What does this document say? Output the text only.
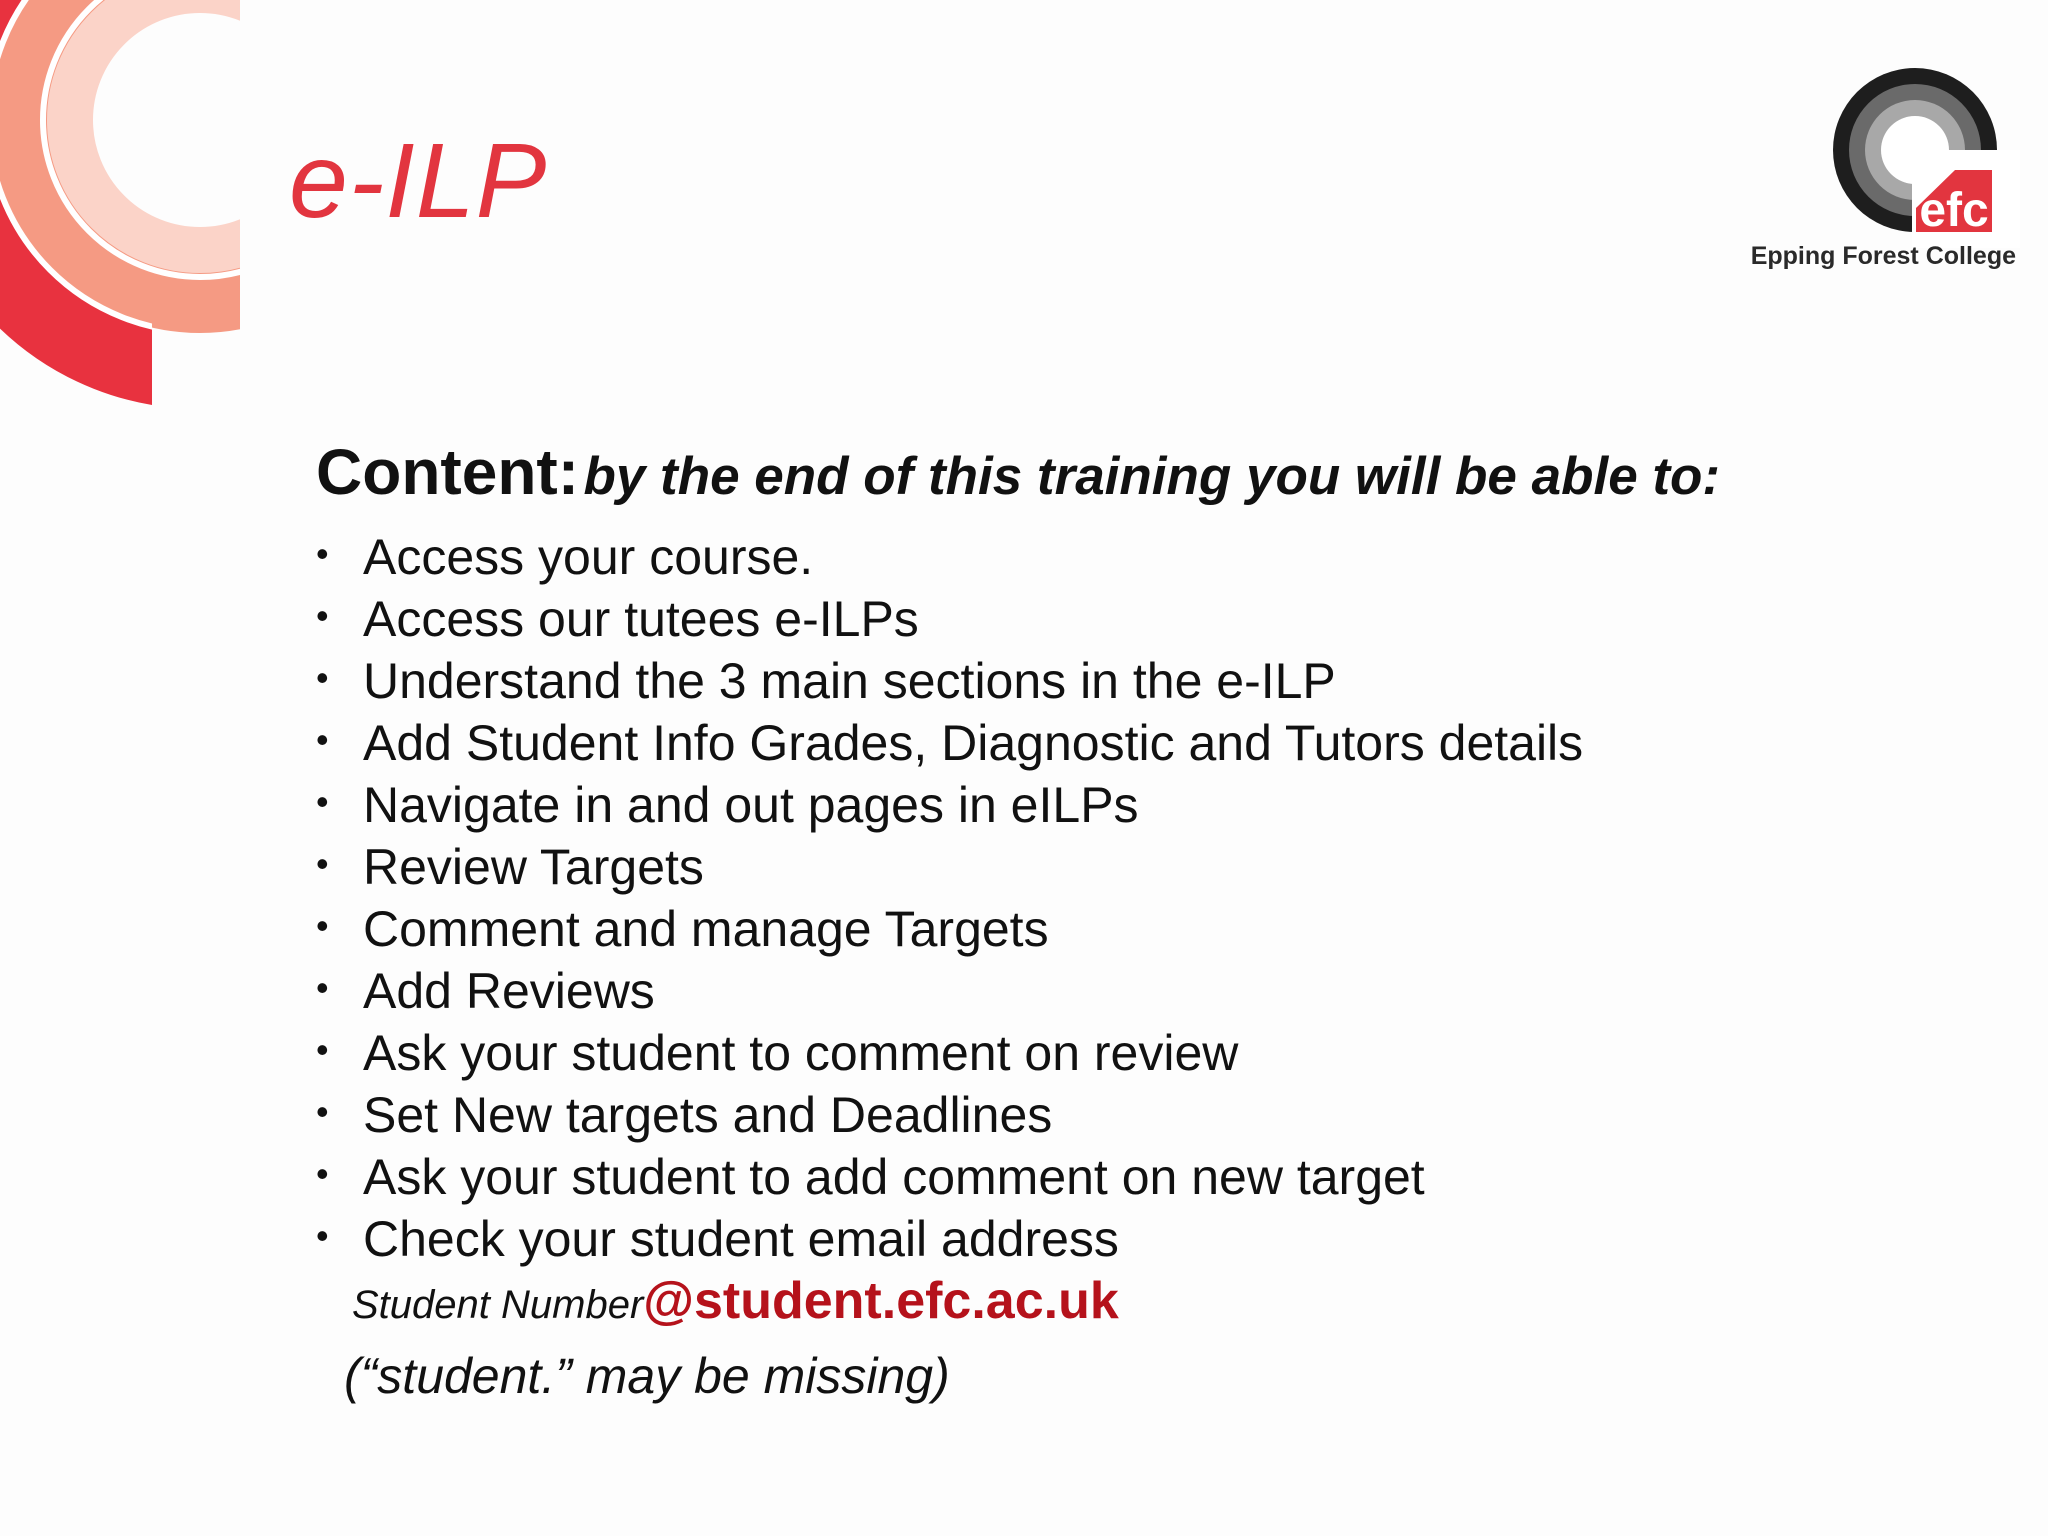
e-ILP	efc
Epping Forest College

Content: by the end of this training you will be able to:

• Access your course.
• Access our tutees e-ILPs
• Understand the 3 main sections in the e-ILP
• Add Student Info Grades, Diagnostic and Tutors details
• Navigate in and out pages in eILPs
• Review Targets
• Comment and manage Targets
• Add Reviews
• Ask your student to comment on review
• Set New targets and Deadlines
• Ask your student to add comment on new target
• Check your student email address

Student Number@student.efc.ac.uk

(“student.” may be missing)
